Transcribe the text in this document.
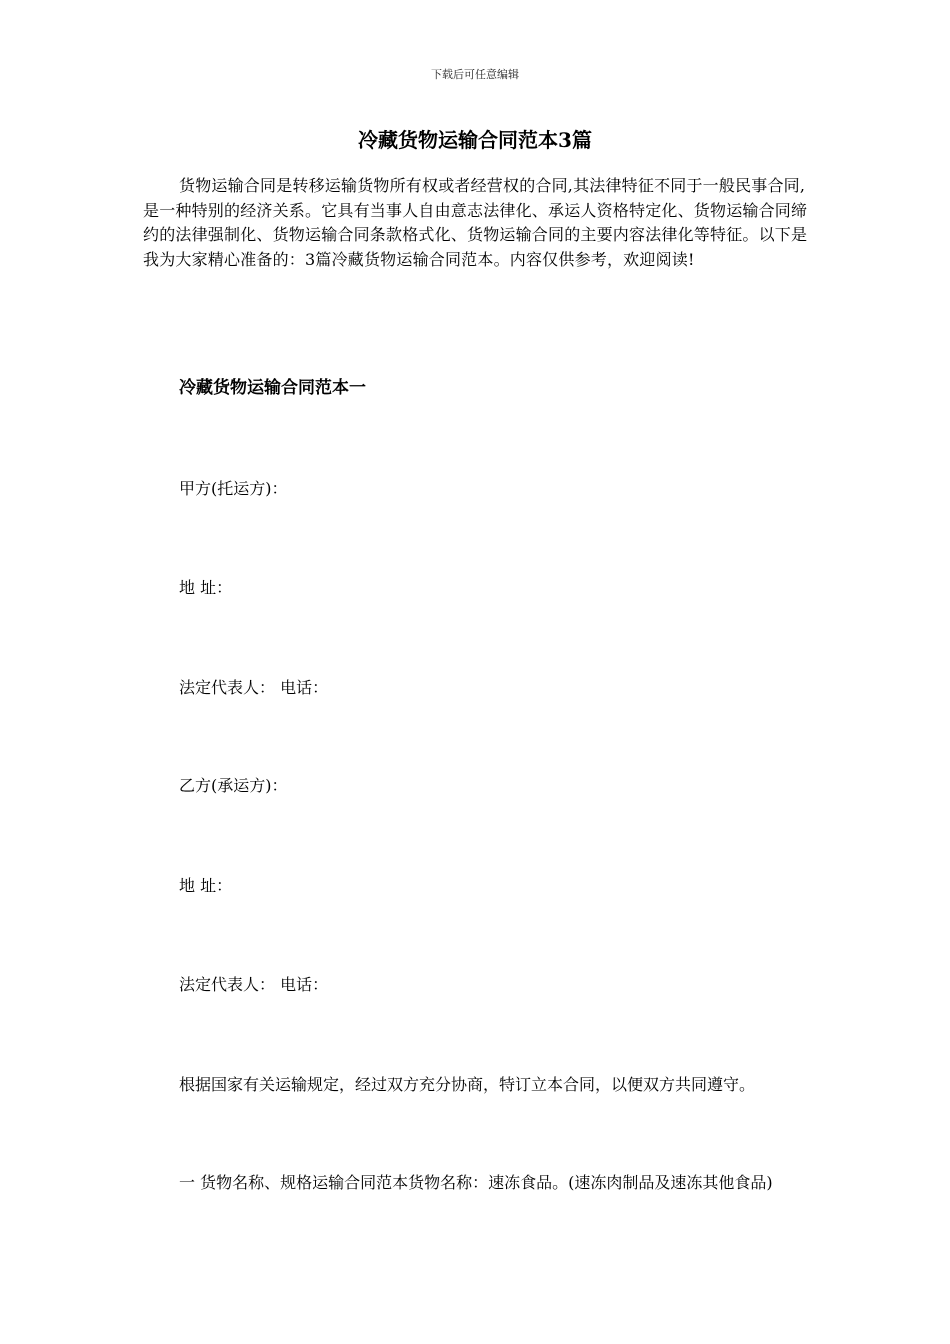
下载后可任意编辑
冷藏货物运输合同范本3篇

货物运输合同是转移运输货物所有权或者经营权的合同,其法律特征不同于一般民事合同,是一种特别的经济关系。它具有当事人自由意志法律化、承运人资格特定化、货物运输合同缔约的法律强制化、货物运输合同条款格式化、货物运输合同的主要内容法律化等特征。以下是我为大家精心准备的：3篇冷藏货物运输合同范本。内容仅供参考，欢迎阅读!

冷藏货物运输合同范本一
甲方(托运方)：
地 址：
法定代表人： 电话：
乙方(承运方)：
地 址：
法定代表人： 电话：
根据国家有关运输规定，经过双方充分协商，特订立本合同，以便双方共同遵守。

一 货物名称、规格运输合同范本货物名称：速冻食品。(速冻肉制品及速冻其他食品)
